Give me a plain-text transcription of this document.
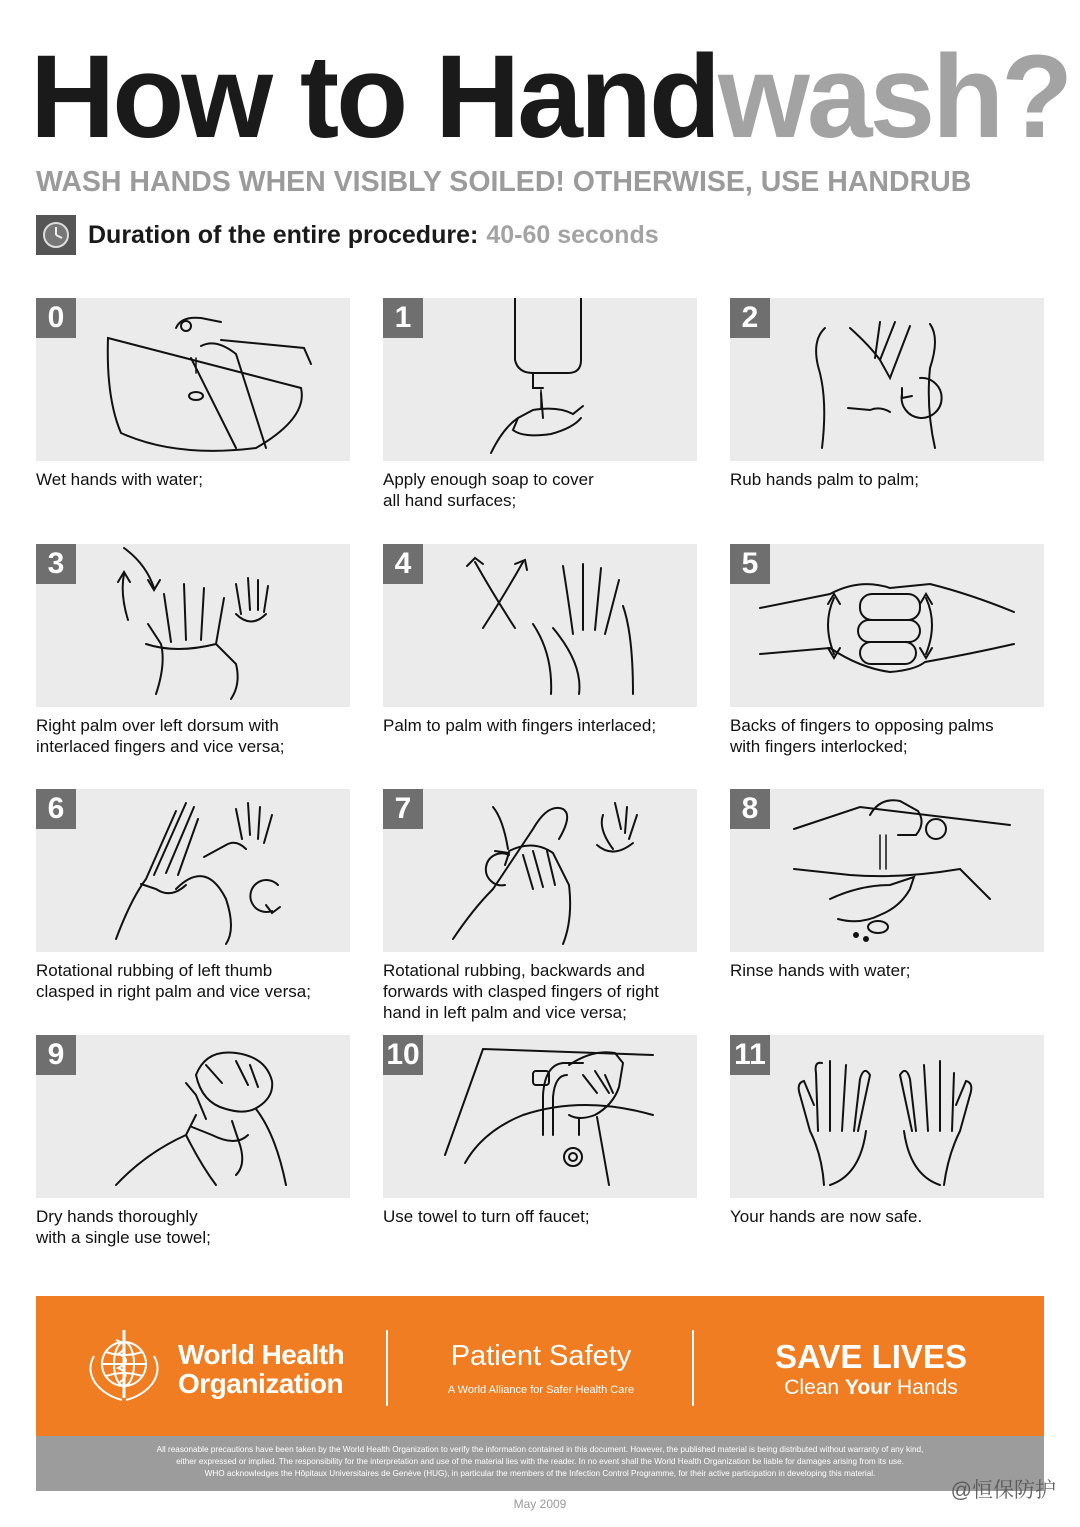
How to Handwash?
WASH HANDS WHEN VISIBLY SOILED! OTHERWISE, USE HANDRUB
Duration of the entire procedure: 40-60 seconds
0
Wet hands with water;
1
Apply enough soap to cover
all hand surfaces;
2
Rub hands palm to palm;
3
Right palm over left dorsum with
interlaced fingers and vice versa;
4
Palm to palm with fingers interlaced;
5
Backs of fingers to opposing palms
with fingers interlocked;
6
Rotational rubbing of left thumb
clasped in right palm and vice versa;
7
Rotational rubbing, backwards and
forwards with clasped fingers of right
hand in left palm and vice versa;
8
Rinse hands with water;
9
Dry hands thoroughly
with a single use towel;
10
Use towel to turn off faucet;
11
Your hands are now safe.
World Health
Organization
Patient Safety
A World Alliance for Safer Health Care
SAVE LIVES
Clean Your Hands

All reasonable precautions have been taken by the World Health Organization to verify the information contained in this document. However, the published material is being distributed without warranty of any kind,

either expressed or implied. The responsibility for the interpretation and use of the material lies with the reader. In no event shall the World Health Organization be liable for damages arising from its use.

WHO acknowledges the Hôpitaux Universitaires de Genève (HUG), in particular the members of the Infection Control Programme, for their active participation in developing this material.

May 2009
@恒保防护
